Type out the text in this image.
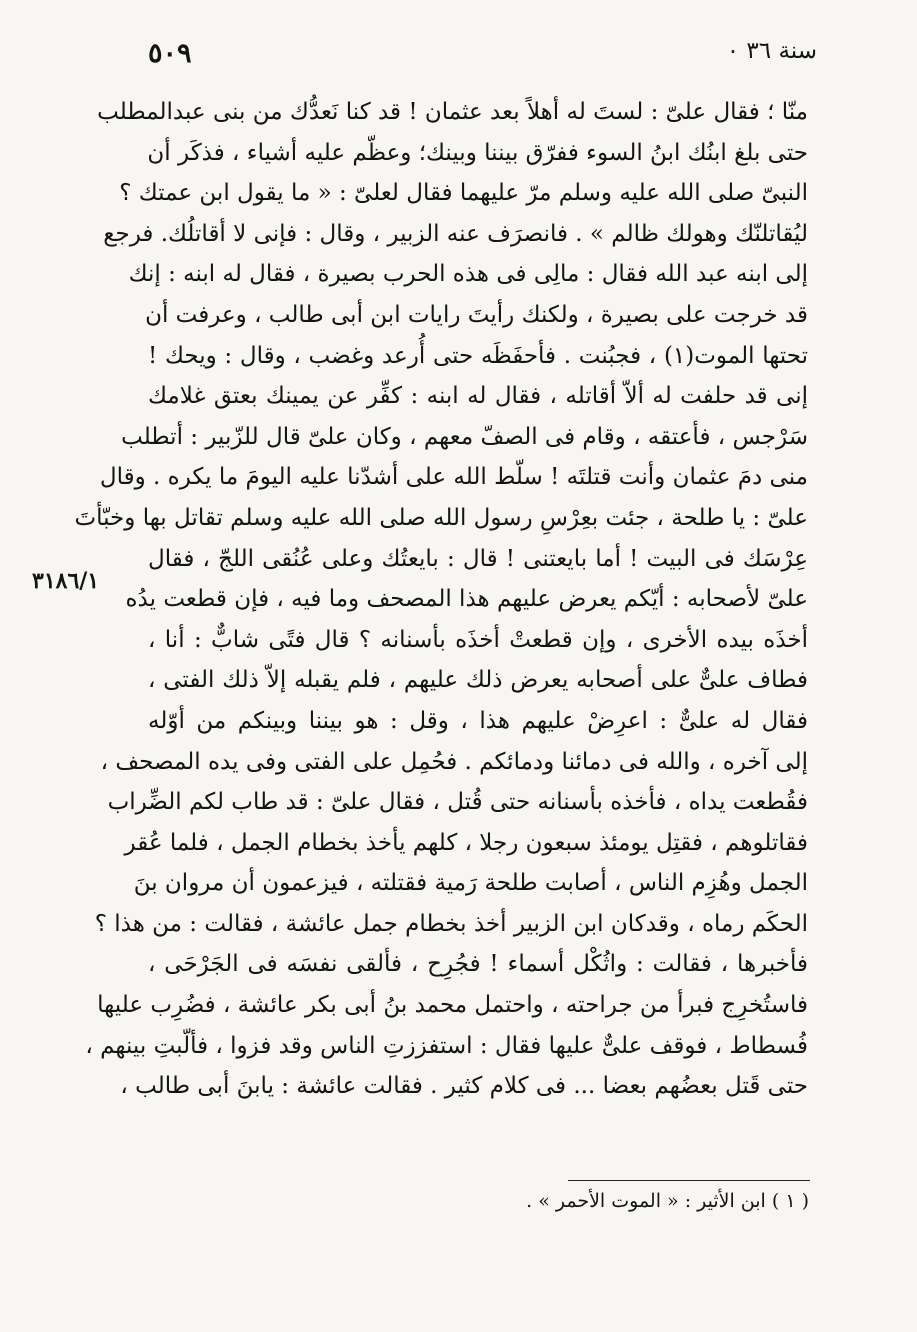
٥٠٩	سنة ٣٦ ۰
٣١٨٦/١
منّا ؛ فقال علىّ : لستَ له أهلاً بعد عثمان ! قد كنا نَعدُّك من بنى عبدالمطلب
حتى بلغ ابنُك ابنُ السوء ففرّق بيننا وبينك؛ وعظّم عليه أشياء ، فذكَر أن
النبىّ صلى الله عليه وسلم مرّ عليهما فقال لعلىّ : « ما يقول ابن عمتك ؟
ليُقاتلنّك وهولك ظالم » . فانصرَف عنه الزبير ، وقال : فإنى لا أقاتلُك. فرجع
إلى ابنه عبد الله فقال : مالِى فى هذه الحرب بصيرة ، فقال له ابنه : إنك
قد خرجت على بصيرة ، ولكنك رأيتَ رايات ابن أبى طالب ، وعرفت أن
تحتها الموت(١) ، فجبُنت . فأحفَظَه حتى أُرعد وغضب ، وقال : ويحك !
إنى قد حلفت له ألاّ أقاتله ، فقال له ابنه : كفِّر عن يمينك بعتق غلامك
سَرْجس ، فأعتقه ، وقام فى الصفّ معهم ، وكان علىّ قال للزّبير : أتطلب
منى دمَ عثمان وأنت قتلتَه ! سلّط الله على أشدّنا عليه اليومَ ما يكره . وقال
علىّ : يا طلحة ، جئت بعِرْسِ رسول الله صلى الله عليه وسلم تقاتل بها وخبّأتَ
عِرْسَك فى البيت ! أما بايعتنى ! قال : بايعتُك وعلى عُنُقى اللجّ ، فقال
علىّ لأصحابه : أيّكم يعرض عليهم هذا المصحف وما فيه ، فإن قطعت يدُه
أخذَه بيده الأخرى ، وإن قطعتْ أخذَه بأسنانه ؟ قال فتًى شابٌّ : أنا ،
فطاف علىٌّ على أصحابه يعرض ذلك عليهم ، فلم يقبله إلاّ ذلك الفتى ،
فقال له علىٌّ : اعرِضْ عليهم هذا ، وقل : هو بيننا وبينكم من أوّله
إلى آخره ، والله فى دمائنا ودمائكم . فحُمِل على الفتى وفى يده المصحف ،
فقُطعت يداه ، فأخذه بأسنانه حتى قُتل ، فقال علىّ : قد طاب لكم الضِّراب
فقاتلوهم ، فقتِل يومئذ سبعون رجلا ، كلهم يأخذ بخطام الجمل ، فلما عُقر
الجمل وهُزِم الناس ، أصابت طلحة رَمية فقتلته ، فيزعمون أن مروان بنَ
الحكَم رماه ، وقدكان ابن الزبير أخذ بخطام جمل عائشة ، فقالت : من هذا ؟
فأخبرها ، فقالت : واثُكْل أسماء ! فجُرِح ، فألقى نفسَه فى الجَرْحَى ،
فاستُخرِج فبرأ من جراحته ، واحتمل محمد بنُ أبى بكر عائشة ، فضُرِب عليها
فُسطاط ، فوقف علىٌّ عليها فقال : استفززتِ الناس وقد فزوا ، فألّبتِ بينهم ،
حتى قَتل بعضُهم بعضا ... فى كلام كثير . فقالت عائشة : يابنَ أبى طالب ،
( ١ ) ابن الأثير : « الموت الأحمر » .
